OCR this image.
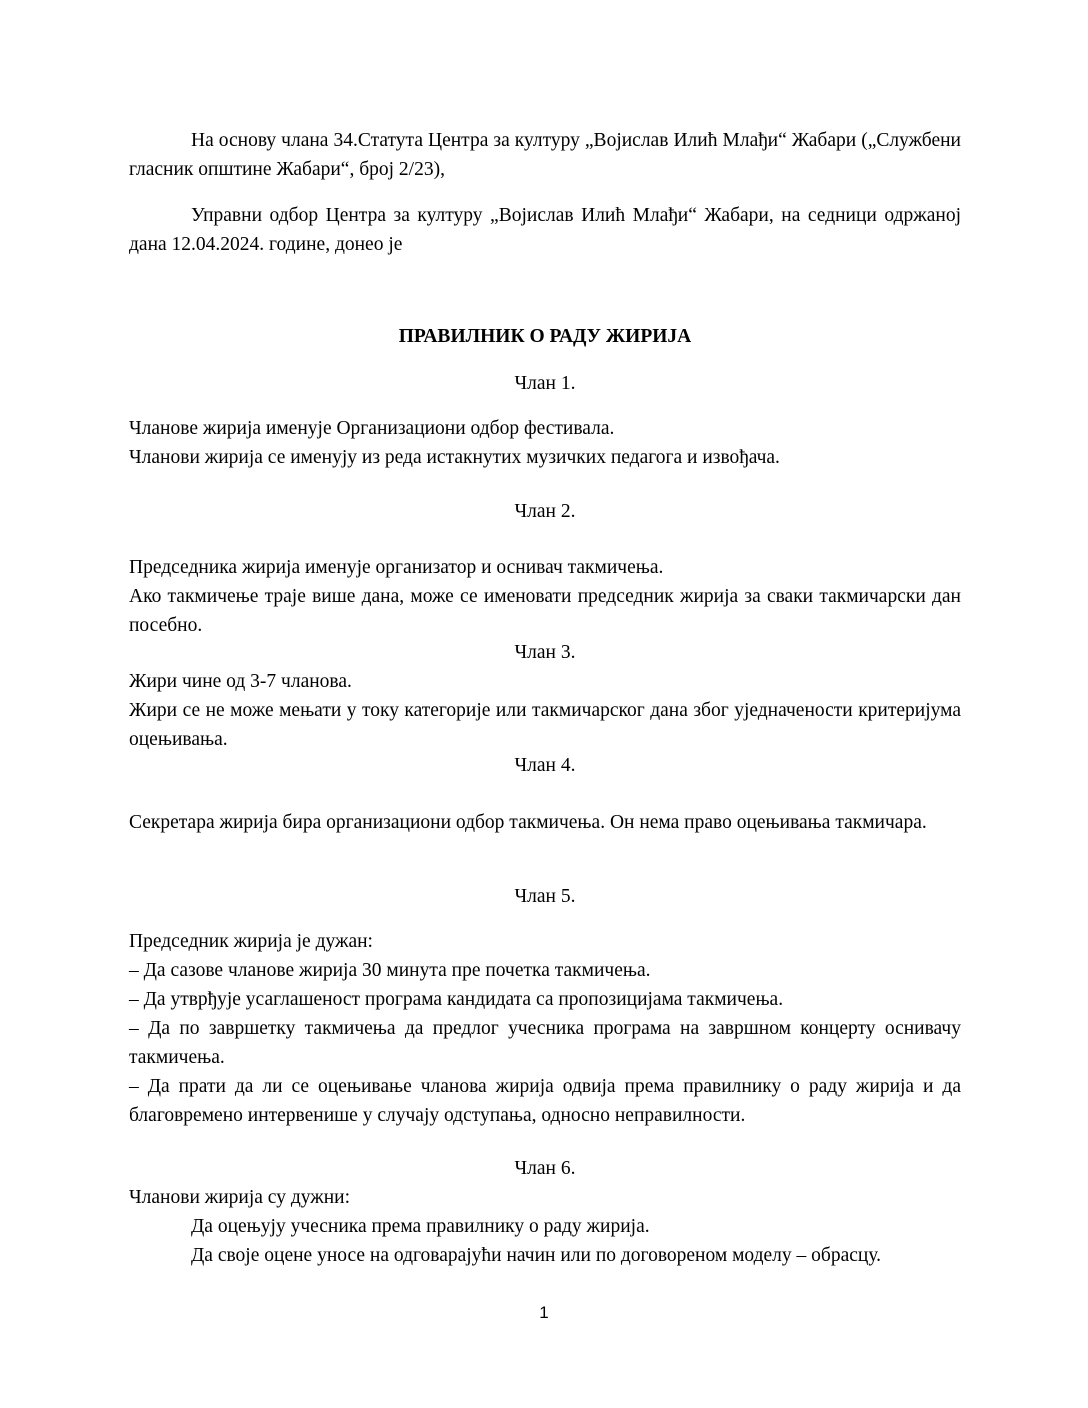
На основу члана 34.Статута Центра за културу „Војислав Илић Млађи“ Жабари („Службени гласник општине Жабари“, број 2/23),

Управни одбор Центра за културу „Војислав Илић Млађи“ Жабари, на седници одржаној дана 12.04.2024. године, донео је

ПРАВИЛНИК О РАДУ ЖИРИЈА

Члан 1.

Чланове жирија именује Организациони одбор фестивала.

Чланови жирија се именују из реда истакнутих музичких педагога и извођача.

Члан 2.

Председника жирија именује организатор и оснивач такмичења.

Ако такмичење траје више дана, може се именовати председник жирија за сваки такмичарски дан посебно.

Члан 3.

Жири чине од 3-7 чланова.

Жири се не може мењати у току категорије или такмичарског дана због уједначености критеријума оцењивања.

Члан 4.

Секретара жирија бира организациони одбор такмичења. Он нема право оцењивања такмичара.

Члан 5.

Председник жирија је дужан:

– Да сазове чланове жирија 30 минута пре почетка такмичења.

– Да утврђује усаглашеност програма кандидата са пропозицијама такмичења.

– Да по завршетку такмичења да предлог учесника програма на завршном концерту оснивачу такмичења.

– Да прати да ли се оцењивање чланова жирија одвија према правилнику о раду жирија и да благовремено интервенише у случају одступања, односно неправилности.

Члан 6.

Чланови жирија су дужни:

Да оцењују учесника према правилнику о раду жирија.

Да своје оцене уносе на одговарајући начин или по договореном моделу – обрасцу.

1
